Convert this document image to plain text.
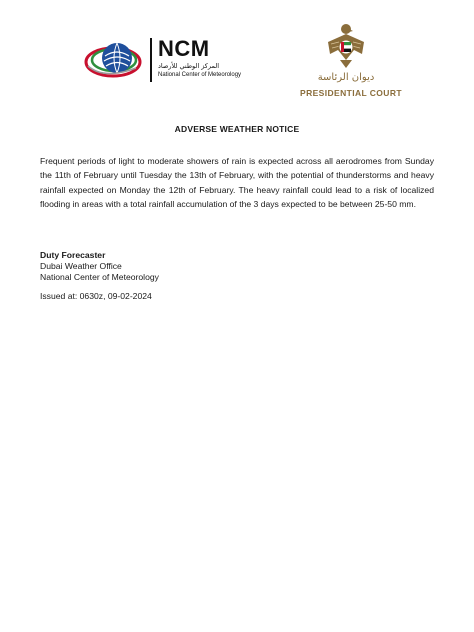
NCM
المركز الوطني للأرصاد
National Center of Meteorology	ديوان الرئاسة
PRESIDENTIAL COURT
ADVERSE WEATHER NOTICE

Frequent periods of light to moderate showers of rain is expected across all aerodromes from Sunday the 11th of February until Tuesday the 13th of February, with the potential of thunderstorms and heavy rainfall expected on Monday the 12th of February. The heavy rainfall could lead to a risk of localized flooding in areas with a total rainfall accumulation of the 3 days expected to be between 25-50 mm.

Duty Forecaster
Dubai Weather Office
National Center of Meteorology
Issued at: 0630z, 09-02-2024
